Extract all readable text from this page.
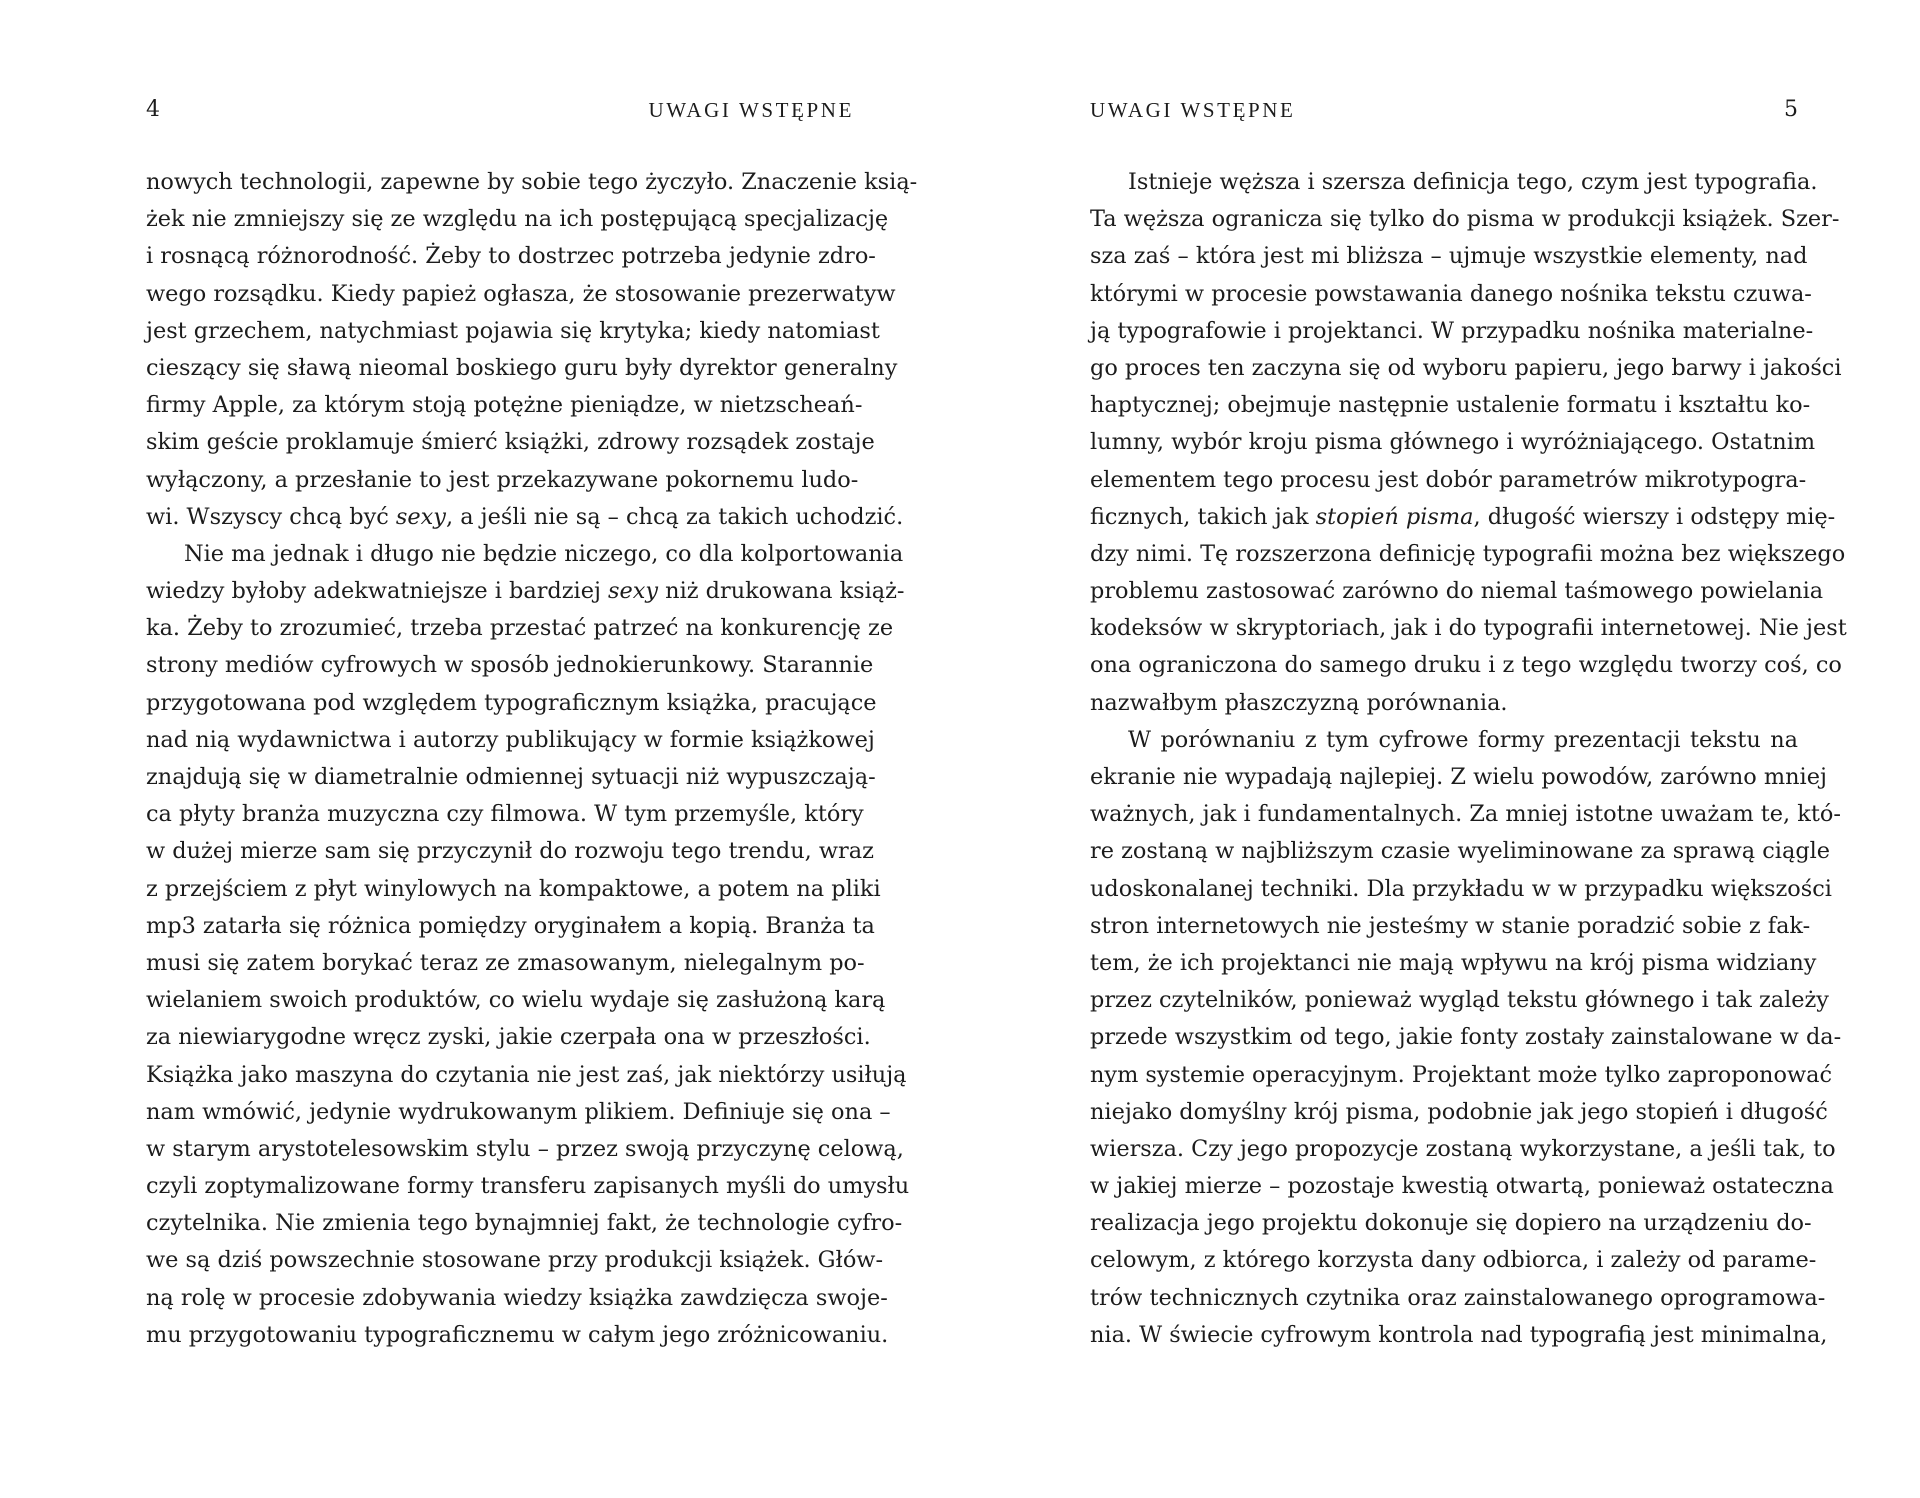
4	UWAGI WSTĘPNE
nowych technologii, zapewne by sobie tego życzyło. Znaczenie ksią-
żek nie zmniejszy się ze względu na ich postępującą specjalizację
i rosnącą różnorodność. Żeby to dostrzec potrzeba jedynie zdro-
wego rozsądku. Kiedy papież ogłasza, że stosowanie prezerwatyw
jest grzechem, natychmiast pojawia się krytyka; kiedy natomiast
cieszący się sławą nieomal boskiego guru były dyrektor generalny
firmy Apple, za którym stoją potężne pieniądze, w nietzscheań-
skim geście proklamuje śmierć książki, zdrowy rozsądek zostaje
wyłączony, a przesłanie to jest przekazywane pokornemu ludo-
wi. Wszyscy chcą być sexy, a jeśli nie są – chcą za takich uchodzić.
Nie ma jednak i długo nie będzie niczego, co dla kolportowania
wiedzy byłoby adekwatniejsze i bardziej sexy niż drukowana książ-
ka. Żeby to zrozumieć, trzeba przestać patrzeć na konkurencję ze
strony mediów cyfrowych w sposób jednokierunkowy. Starannie
przygotowana pod względem typograficznym książka, pracujące
nad nią wydawnictwa i autorzy publikujący w formie książkowej
znajdują się w diametralnie odmiennej sytuacji niż wypuszczają-
ca płyty branża muzyczna czy filmowa. W tym przemyśle, który
w dużej mierze sam się przyczynił do rozwoju tego trendu, wraz
z przejściem z płyt winylowych na kompaktowe, a potem na pliki
mp3 zatarła się różnica pomiędzy oryginałem a kopią. Branża ta
musi się zatem borykać teraz ze zmasowanym, nielegalnym po-
wielaniem swoich produktów, co wielu wydaje się zasłużoną karą
za niewiarygodne wręcz zyski, jakie czerpała ona w przeszłości.
Książka jako maszyna do czytania nie jest zaś, jak niektórzy usiłują
nam wmówić, jedynie wydrukowanym plikiem. Definiuje się ona –
w starym arystotelesowskim stylu – przez swoją przyczynę celową,
czyli zoptymalizowane formy transferu zapisanych myśli do umysłu
czytelnika. Nie zmienia tego bynajmniej fakt, że technologie cyfro-
we są dziś powszechnie stosowane przy produkcji książek. Głów-
ną rolę w procesie zdobywania wiedzy książka zawdzięcza swoje-
mu przygotowaniu typograficznemu w całym jego zróżnicowaniu.
UWAGI WSTĘPNE	5
Istnieje węższa i szersza definicja tego, czym jest typografia.
Ta węższa ogranicza się tylko do pisma w produkcji książek. Szer-
sza zaś – która jest mi bliższa – ujmuje wszystkie elementy, nad
którymi w procesie powstawania danego nośnika tekstu czuwa-
ją typografowie i projektanci. W przypadku nośnika materialne-
go proces ten zaczyna się od wyboru papieru, jego barwy i jakości
haptycznej; obejmuje następnie ustalenie formatu i kształtu ko-
lumny, wybór kroju pisma głównego i wyróżniającego. Ostatnim
elementem tego procesu jest dobór parametrów mikrotypogra-
ficznych, takich jak stopień pisma, długość wierszy i odstępy mię-
dzy nimi. Tę rozszerzona definicję typografii można bez większego
problemu zastosować zarówno do niemal taśmowego powielania
kodeksów w skryptoriach, jak i do typografii internetowej. Nie jest
ona ograniczona do samego druku i z tego względu tworzy coś, co
nazwałbym płaszczyzną porównania.
W porównaniu z tym cyfrowe formy prezentacji tekstu na
ekranie nie wypadają najlepiej. Z wielu powodów, zarówno mniej
ważnych, jak i fundamentalnych. Za mniej istotne uważam te, któ-
re zostaną w najbliższym czasie wyeliminowane za sprawą ciągle
udoskonalanej techniki. Dla przykładu w w przypadku większości
stron internetowych nie jesteśmy w stanie poradzić sobie z fak-
tem, że ich projektanci nie mają wpływu na krój pisma widziany
przez czytelników, ponieważ wygląd tekstu głównego i tak zależy
przede wszystkim od tego, jakie fonty zostały zainstalowane w da-
nym systemie operacyjnym. Projektant może tylko zaproponować
niejako domyślny krój pisma, podobnie jak jego stopień i długość
wiersza. Czy jego propozycje zostaną wykorzystane, a jeśli tak, to
w jakiej mierze – pozostaje kwestią otwartą, ponieważ ostateczna
realizacja jego projektu dokonuje się dopiero na urządzeniu do-
celowym, z którego korzysta dany odbiorca, i zależy od parame-
trów technicznych czytnika oraz zainstalowanego oprogramowa-
nia. W świecie cyfrowym kontrola nad typografią jest minimalna,
